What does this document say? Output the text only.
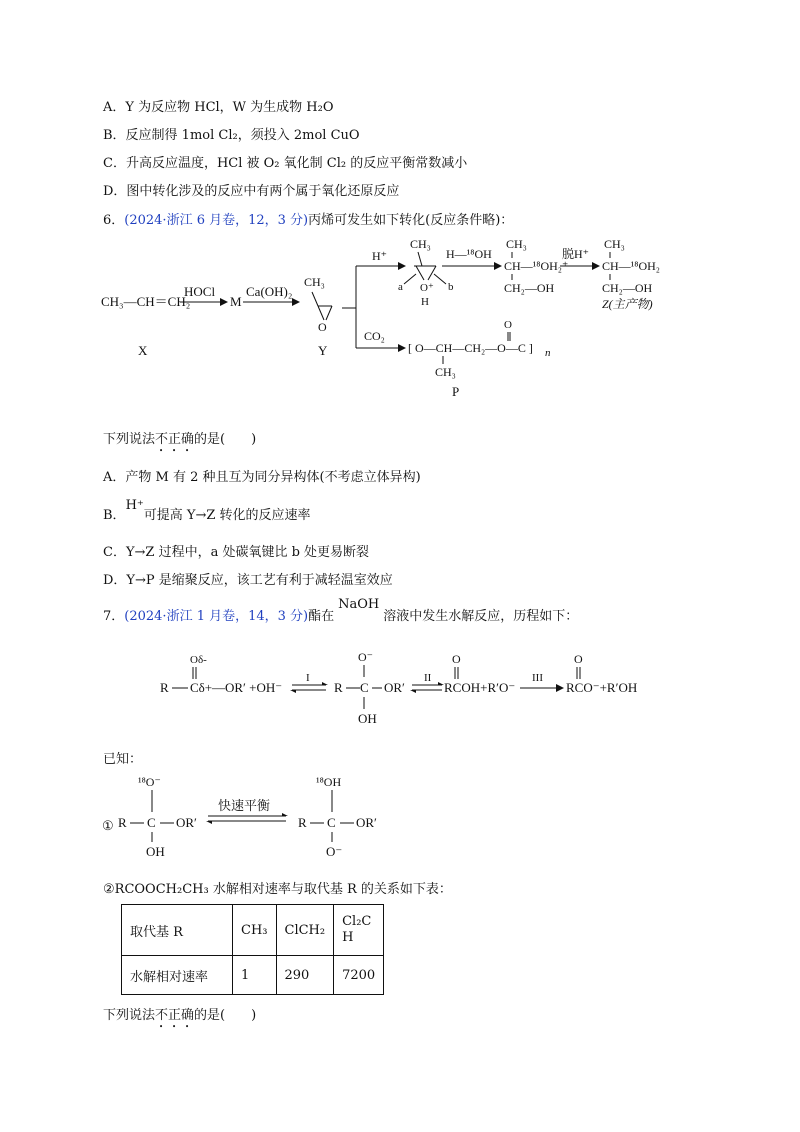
A．Y 为反应物 HCl，W 为生成物 H₂O
B．反应制得 1mol Cl₂，须投入 2mol CuO
C．升高反应温度，HCl 被 O₂ 氧化制 Cl₂ 的反应平衡常数减小
D．图中转化涉及的反应中有两个属于氧化还原反应
6．(2024·浙江 6 月卷，12，3 分)丙烯可发生如下转化(反应条件略)：
CH₃—CH＝CH₂
HOCl
M
Ca(OH)₂
CH₃
O
X	Y
H⁺
CO₂
CH₃
O⁺
H
a	b
H—¹⁸OH
CH₃
CH—¹⁸OH₂⁺
CH₂—OH
脱H⁺
CH₃
CH—¹⁸OH₂
CH₂—OH
Z(主产物)
[ O—CH—CH₂—O—C ] n
O
CH₃
P
下列说法不正确的是(　　)
A．产物 M 有 2 种且互为同分异构体(不考虑立体异构)
B．H⁺可提高 Y→Z 转化的反应速率
C．Y→Z 过程中，a 处碳氧键比 b 处更易断裂
D．Y→P 是缩聚反应，该工艺有利于减轻温室效应
7．(2024·浙江 1 月卷，14，3 分)酯在NaOH溶液中发生水解反应，历程如下：
R
Oδ-
Cδ+ —OR′ +OH⁻
I
R
O⁻
C OR′
OH
II
O
RCOH+R′O⁻
III
O
RCO⁻+R′OH
已知：
①
¹⁸O⁻
R C OR′
OH
快速平衡
¹⁸OH
R C OR′
O⁻
②RCOOCH₂CH₃ 水解相对速率与取代基 R 的关系如下表：
取代基 R	CH₃	ClCH₂	Cl₂C H
水解相对速率	1	290	7200
下列说法不正确的是(　　)
